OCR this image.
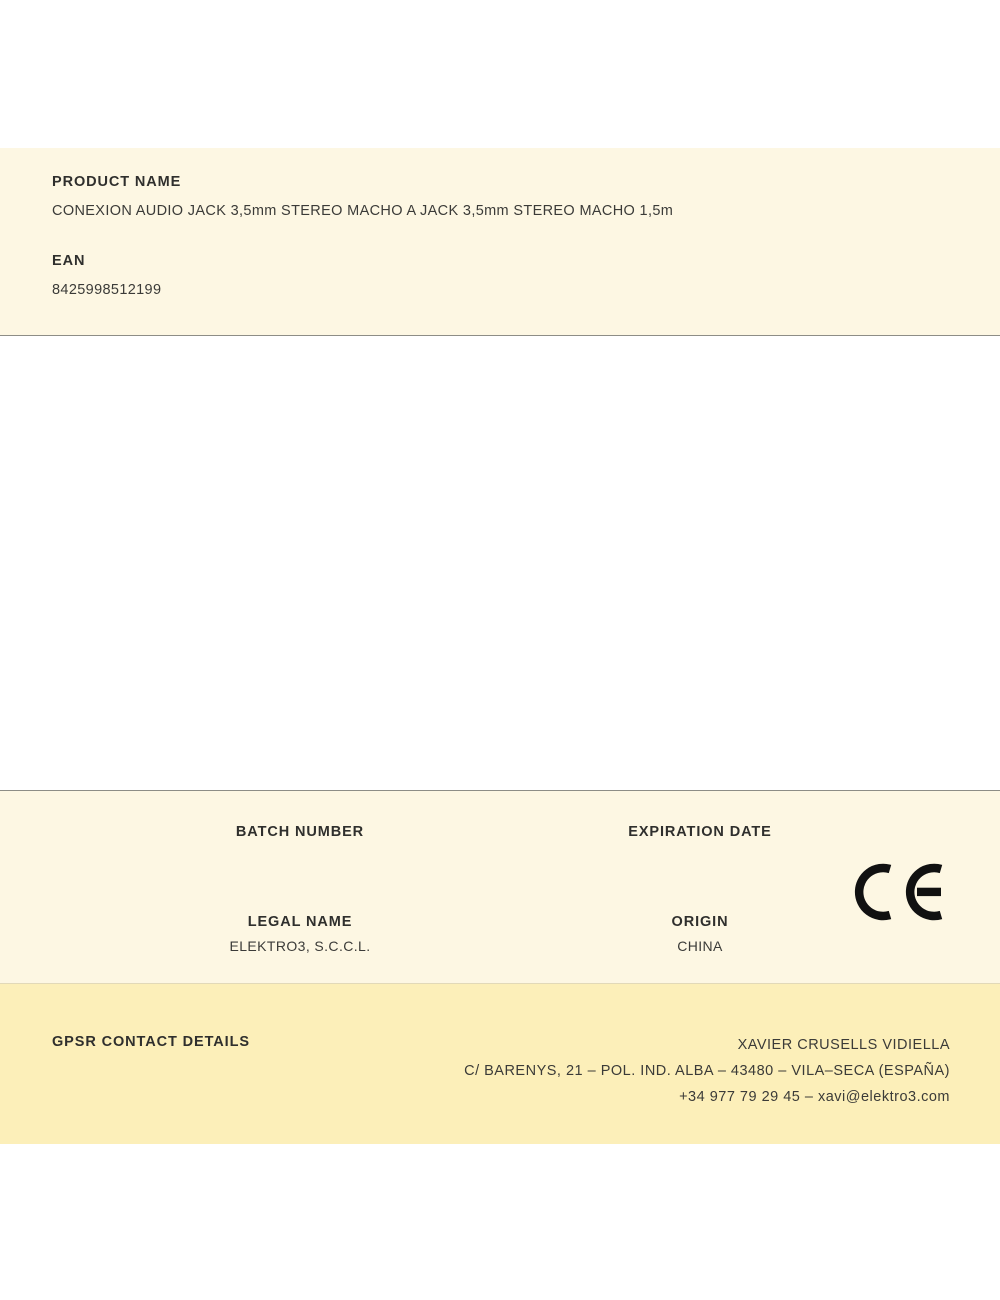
PRODUCT NAME

CONEXION AUDIO JACK 3,5mm STEREO MACHO A JACK 3,5mm STEREO MACHO 1,5m

EAN

8425998512199

BATCH NUMBER	EXPIRATION DATE

LEGAL NAME

ELEKTRO3, S.C.C.L.

ORIGIN

CHINA

GPSR CONTACT DETAILS	XAVIER CRUSELLS VIDIELLA
C/ BARENYS, 21 – POL. IND. ALBA – 43480 – VILA–SECA (ESPAÑA)
+34 977 79 29 45 – xavi@elektro3.com
